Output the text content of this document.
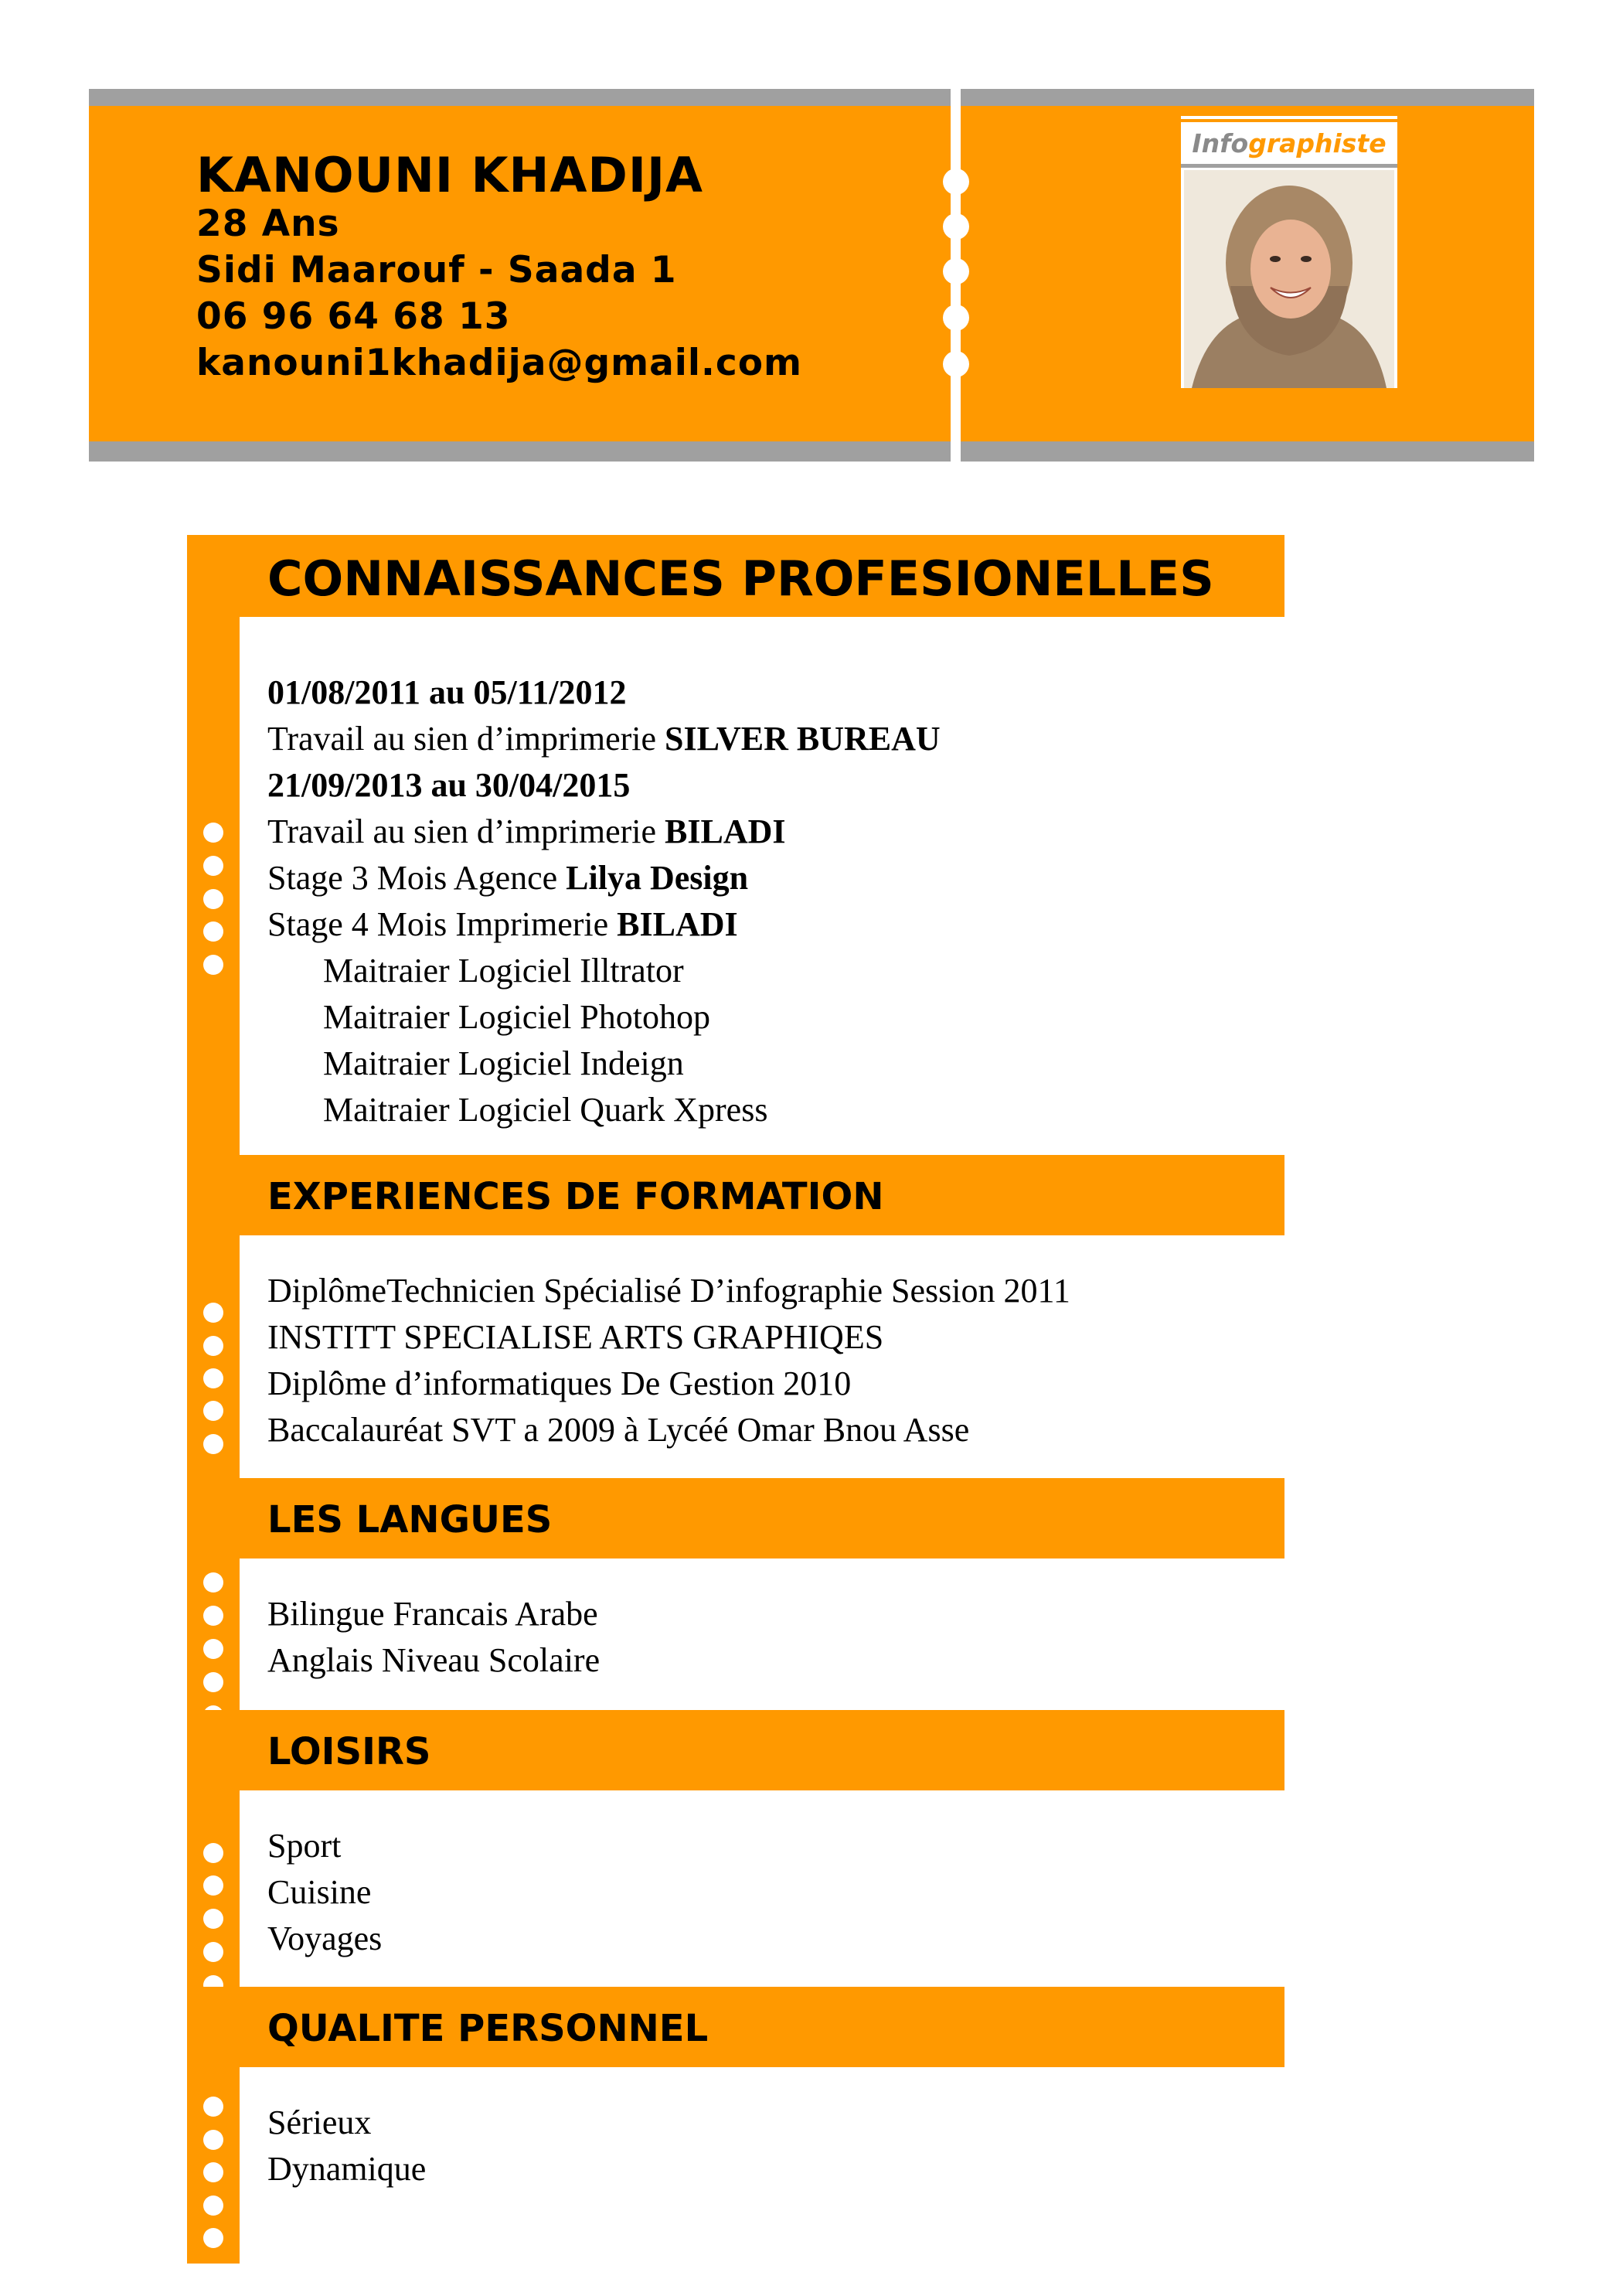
KANOUNI KHADIJA
28 Ans
Sidi Maarouf - Saada 1
06 96 64 68 13
kanouni1khadija@gmail.com
Infographiste
CONNAISSANCES PROFESIONELLES
01/08/2011 au 05/11/2012
Travail au sien d’imprimerie SILVER BUREAU
21/09/2013 au 30/04/2015
Travail au sien d’imprimerie BILADI
Stage 3 Mois Agence Lilya Design
Stage 4 Mois Imprimerie BILADI
Maitraier Logiciel Illtrator
Maitraier Logiciel Photohop
Maitraier Logiciel Indeign
Maitraier Logiciel Quark Xpress
EXPERIENCES DE FORMATION
DiplômeTechnicien Spécialisé D’infographie Session 2011
INSTITT SPECIALISE ARTS GRAPHIQES
Diplôme d’informatiques De Gestion 2010
Baccalauréat SVT a 2009 à Lycéé Omar Bnou Asse
LES LANGUES
Bilingue Francais Arabe
Anglais Niveau Scolaire
LOISIRS
Sport
Cuisine
Voyages
QUALITE PERSONNEL
Sérieux
Dynamique
